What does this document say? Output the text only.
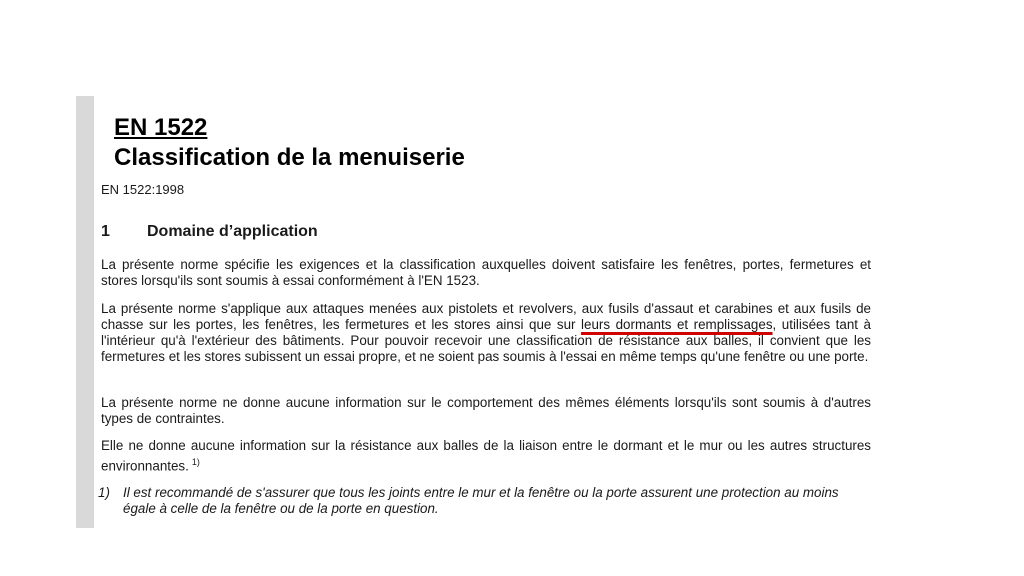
EN 1522
Classification de la menuiserie
EN 1522:1998
1 Domaine d’application

La présente norme spécifie les exigences et la classification auxquelles doivent satisfaire les fenêtres, portes, fermetures et stores lorsqu'ils sont soumis à essai conformément à l'EN 1523.

La présente norme s'applique aux attaques menées aux pistolets et revolvers, aux fusils d'assaut et carabines et aux fusils de chasse sur les portes, les fenêtres, les fermetures et les stores ainsi que sur leurs dormants et remplissages, utilisées tant à l'intérieur qu'à l'extérieur des bâtiments. Pour pouvoir recevoir une classification de résistance aux balles, il convient que les fermetures et les stores subissent un essai propre, et ne soient pas soumis à l'essai en même temps qu'une fenêtre ou une porte.

La présente norme ne donne aucune information sur le comportement des mêmes éléments lorsqu'ils sont soumis à d'autres types de contraintes.

Elle ne donne aucune information sur la résistance aux balles de la liaison entre le dormant et le mur ou les autres structures environnantes. $^{1)}$

1) Il est recommandé de s'assurer que tous les joints entre le mur et la fenêtre ou la porte assurent une protection au moins égale à celle de la fenêtre ou de la porte en question.
